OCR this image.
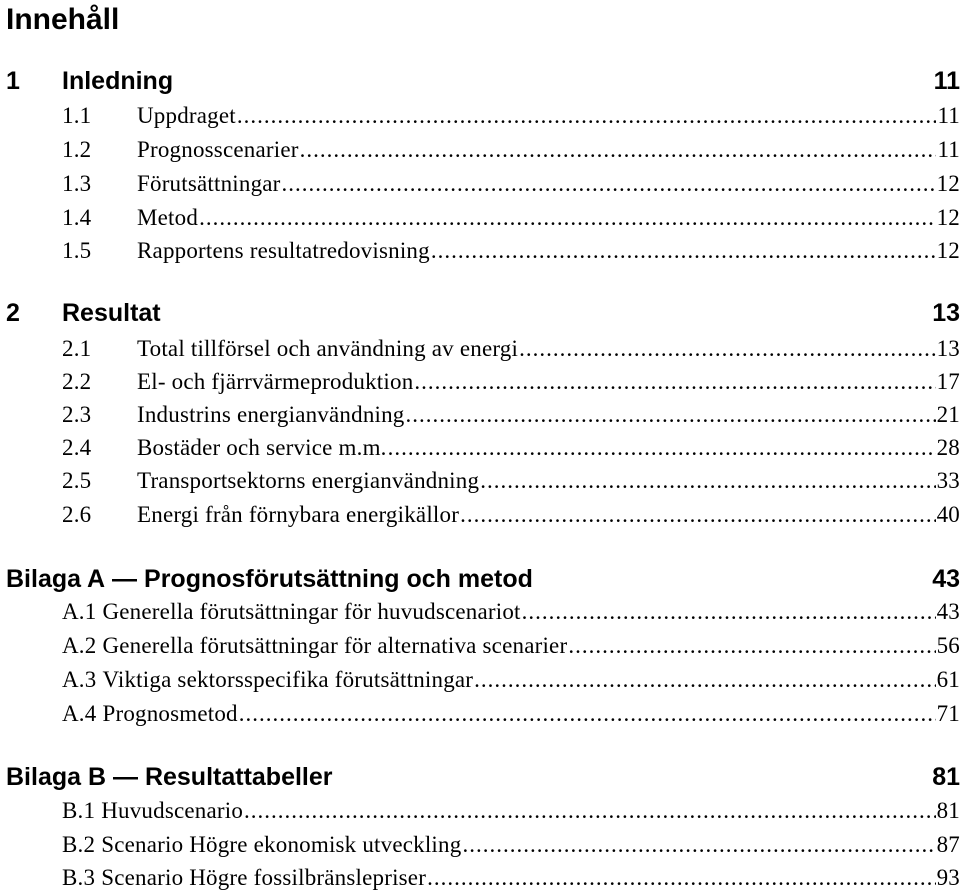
Innehåll
1	Inledning	11
1.1	Uppdraget .....	11
1.2	Prognosscenarier .....	11
1.3	Förutsättningar .....	12
1.4	Metod .....	12
1.5	Rapportens resultatredovisning .....	12
2	Resultat	13
2.1	Total tillförsel och användning av energi .....	13
2.2	El- och fjärrvärmeproduktion .....	17
2.3	Industrins energianvändning .....	21
2.4	Bostäder och service m.m. .....	28
2.5	Transportsektorns energianvändning .....	33
2.6	Energi från förnybara energikällor .....	40
Bilaga A — Prognosförutsättning och metod	43
A.1 Generella förutsättningar för huvudscenariot .....	43
A.2 Generella förutsättningar för alternativa scenarier .....	56
A.3 Viktiga sektorsspecifika förutsättningar .....	61
A.4 Prognosmetod .....	71
Bilaga B — Resultattabeller	81
B.1 Huvudscenario .....	81
B.2 Scenario Högre ekonomisk utveckling .....	87
B.3 Scenario Högre fossilbränslepriser .....	93
